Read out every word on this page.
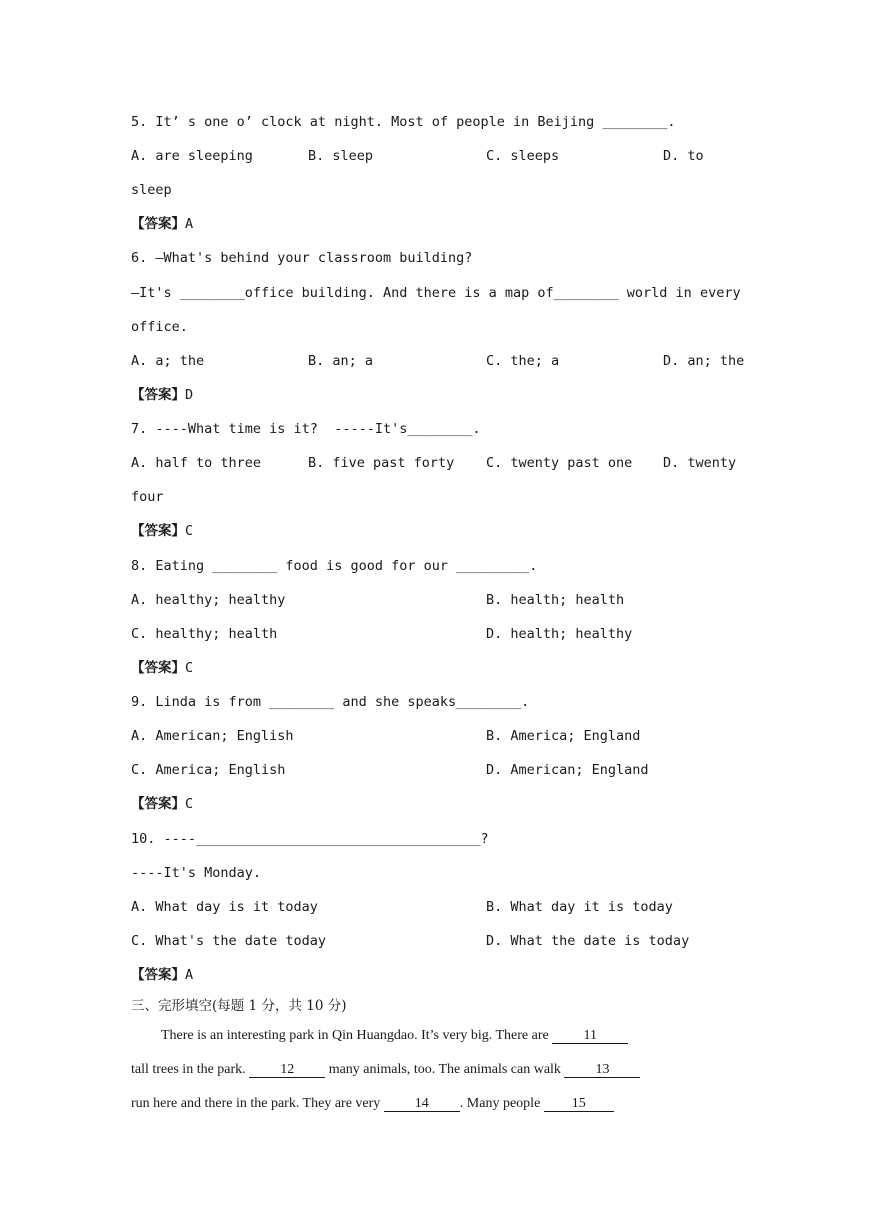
5. It’ s one o’ clock at night. Most of people in Beijing ________.
A. are sleeping	B. sleep	C. sleeps	D. to
sleep
【答案】A
6. —What's behind your classroom building?
—It's ________office building. And there is a map of________ world in every
office.
A. a; the	B. an; a	C. the; a	D. an; the
【答案】D
7. ----What time is it?  -----It's________.
A. half to three	B. five past forty C. twenty past one D. twenty
four
【答案】C
8. Eating ________ food is good for our _________.
A. healthy; healthy	B. health; health
C. healthy; health	D. health; healthy
【答案】C
9. Linda is from ________ and she speaks________.
A. American; English	B. America; England
C. America; English	D. American; England
【答案】C
10. ----___________________________________?
----It's Monday.
A. What day is it today	B. What day it is today
C. What's the date today	D. What the date is today
【答案】A
三、完形填空(每题 1 分，共 10 分)
There is an interesting park in Qin Huangdao. It’s very big. There are 11
tall trees in the park. 12 many animals, too. The animals can walk 13
run here and there in the park. They are very 14 . Many people 15
